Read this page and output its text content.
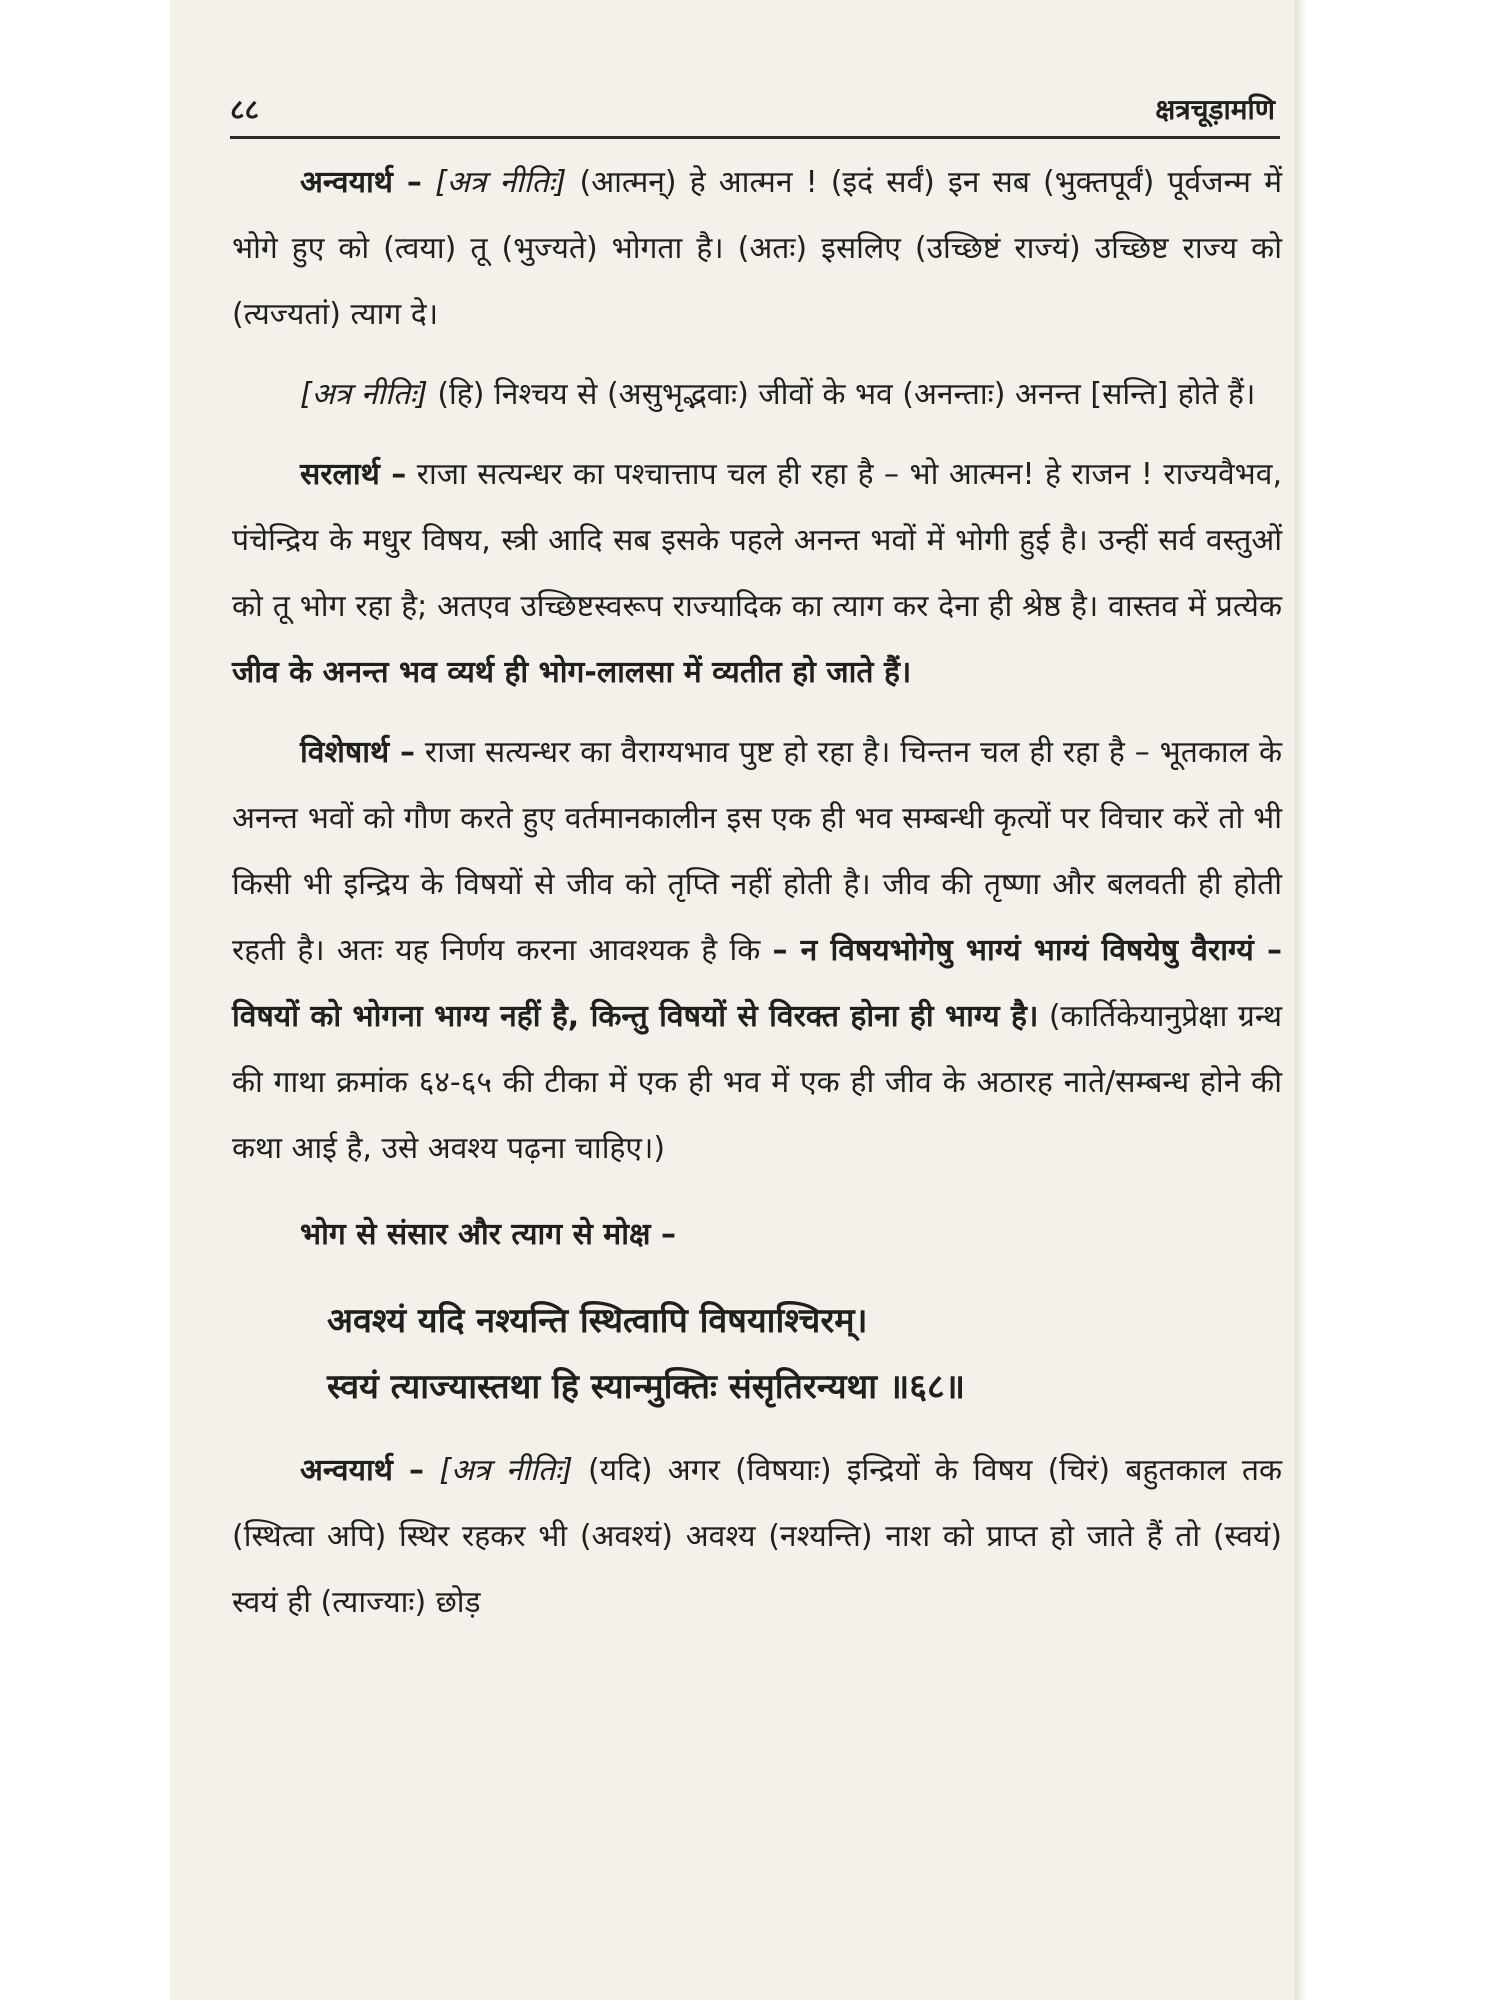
८८	क्षत्रचूड़ामणि

अन्वयार्थ – [अत्र नीतिः] (आत्मन्) हे आत्मन ! (इदं सर्वं) इन सब (भुक्तपूर्वं) पूर्वजन्म में भोगे हुए को (त्वया) तू (भुज्यते) भोगता है। (अतः) इसलिए (उच्छिष्टं राज्यं) उच्छिष्ट राज्य को (त्यज्यतां) त्याग दे।

[अत्र नीतिः] (हि) निश्चय से (असुभृद्भवाः) जीवों के भव (अनन्ताः) अनन्त [सन्ति] होते हैं।

सरलार्थ – राजा सत्यन्धर का पश्चात्ताप चल ही रहा है – भो आत्मन! हे राजन ! राज्यवैभव, पंचेन्द्रिय के मधुर विषय, स्त्री आदि सब इसके पहले अनन्त भवों में भोगी हुई है। उन्हीं सर्व वस्तुओं को तू भोग रहा है; अतएव उच्छिष्टस्वरूप राज्यादिक का त्याग कर देना ही श्रेष्ठ है। वास्तव में प्रत्येक जीव के अनन्त भव व्यर्थ ही भोग-लालसा में व्यतीत हो जाते हैं।

विशेषार्थ – राजा सत्यन्धर का वैराग्यभाव पुष्ट हो रहा है। चिन्तन चल ही रहा है – भूतकाल के अनन्त भवों को गौण करते हुए वर्तमानकालीन इस एक ही भव सम्बन्धी कृत्यों पर विचार करें तो भी किसी भी इन्द्रिय के विषयों से जीव को तृप्ति नहीं होती है। जीव की तृष्णा और बलवती ही होती रहती है। अतः यह निर्णय करना आवश्यक है कि – न विषयभोगेषु भाग्यं भाग्यं विषयेषु वैराग्यं – विषयों को भोगना भाग्य नहीं है, किन्तु विषयों से विरक्त होना ही भाग्य है। (कार्तिकेयानुप्रेक्षा ग्रन्थ की गाथा क्रमांक ६४-६५ की टीका में एक ही भव में एक ही जीव के अठारह नाते/सम्बन्ध होने की कथा आई है, उसे अवश्य पढ़ना चाहिए।)

भोग से संसार और त्याग से मोक्ष –

अवश्यं यदि नश्यन्ति स्थित्वापि विषयाश्चिरम्।
स्वयं त्याज्यास्तथा हि स्यान्मुक्तिः संसृतिरन्यथा ॥६८॥

अन्वयार्थ – [अत्र नीतिः] (यदि) अगर (विषयाः) इन्द्रियों के विषय (चिरं) बहुतकाल तक (स्थित्वा अपि) स्थिर रहकर भी (अवश्यं) अवश्य (नश्यन्ति) नाश को प्राप्त हो जाते हैं तो (स्वयं) स्वयं ही (त्याज्याः) छोड़
